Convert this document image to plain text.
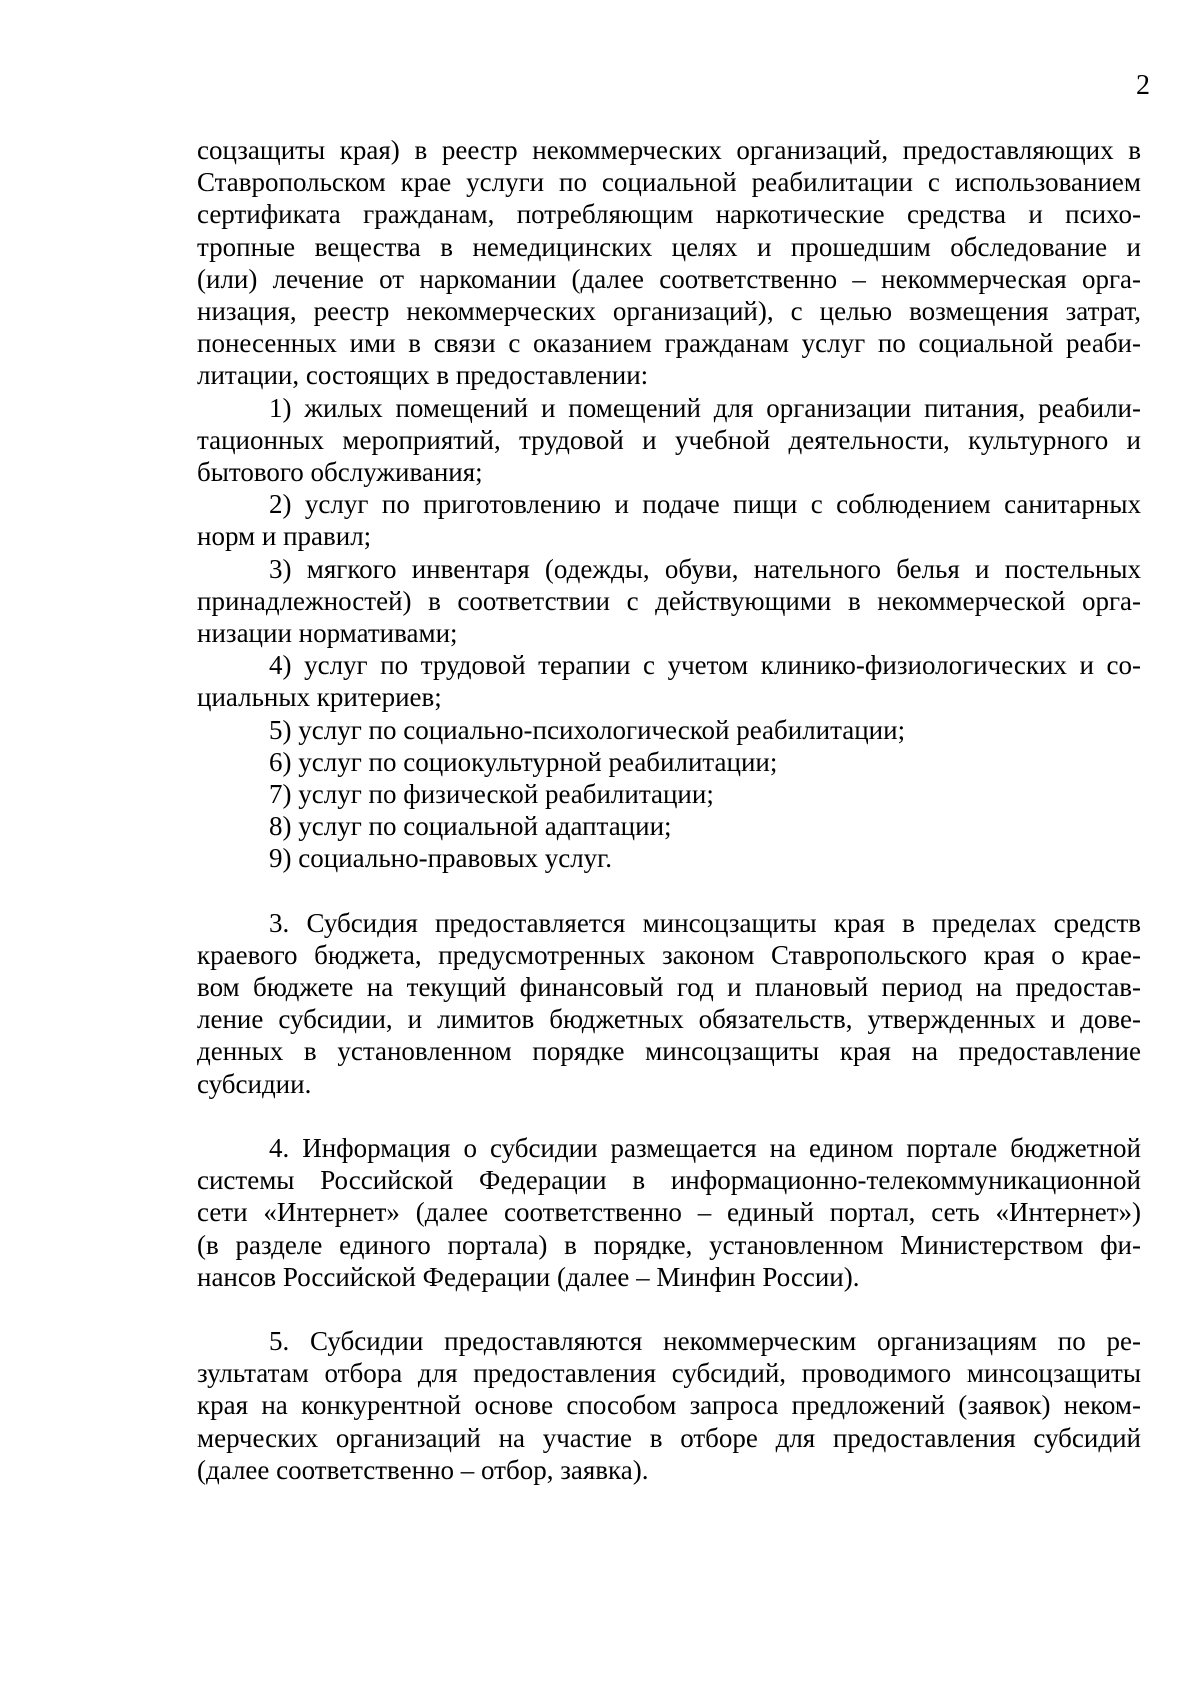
2
соцзащиты края) в реестр некоммерческих организаций, предоставляющих в
Ставропольском крае услуги по социальной реабилитации с использованием
сертификата гражданам, потребляющим наркотические средства и психо-
тропные вещества в немедицинских целях и прошедшим обследование и
(или) лечение от наркомании (далее соответственно – некоммерческая орга-
низация, реестр некоммерческих организаций), с целью возмещения затрат,
понесенных ими в связи с оказанием гражданам услуг по социальной реаби-
литации, состоящих в предоставлении:
1) жилых помещений и помещений для организации питания, реабили-
тационных мероприятий, трудовой и учебной деятельности, культурного и
бытового обслуживания;
2) услуг по приготовлению и подаче пищи с соблюдением санитарных
норм и правил;
3) мягкого инвентаря (одежды, обуви, нательного белья и постельных
принадлежностей) в соответствии с действующими в некоммерческой орга-
низации нормативами;
4) услуг по трудовой терапии с учетом клинико-физиологических и со-
циальных критериев;
5) услуг по социально-психологической реабилитации;
6) услуг по социокультурной реабилитации;
7) услуг по физической реабилитации;
8) услуг по социальной адаптации;
9) социально-правовых услуг.
3. Субсидия предоставляется минсоцзащиты края в пределах средств
краевого бюджета, предусмотренных законом Ставропольского края о крае-
вом бюджете на текущий финансовый год и плановый период на предостав-
ление субсидии, и лимитов бюджетных обязательств, утвержденных и дове-
денных в установленном порядке минсоцзащиты края на предоставление
субсидии.
4. Информация о субсидии размещается на едином портале бюджетной
системы Российской Федерации в информационно-телекоммуникационной
сети «Интернет» (далее соответственно – единый портал, сеть «Интернет»)
(в разделе единого портала) в порядке, установленном Министерством фи-
нансов Российской Федерации (далее – Минфин России).
5. Субсидии предоставляются некоммерческим организациям по ре-
зультатам отбора для предоставления субсидий, проводимого минсоцзащиты
края на конкурентной основе способом запроса предложений (заявок) неком-
мерческих организаций на участие в отборе для предоставления субсидий
(далее соответственно – отбор, заявка).
